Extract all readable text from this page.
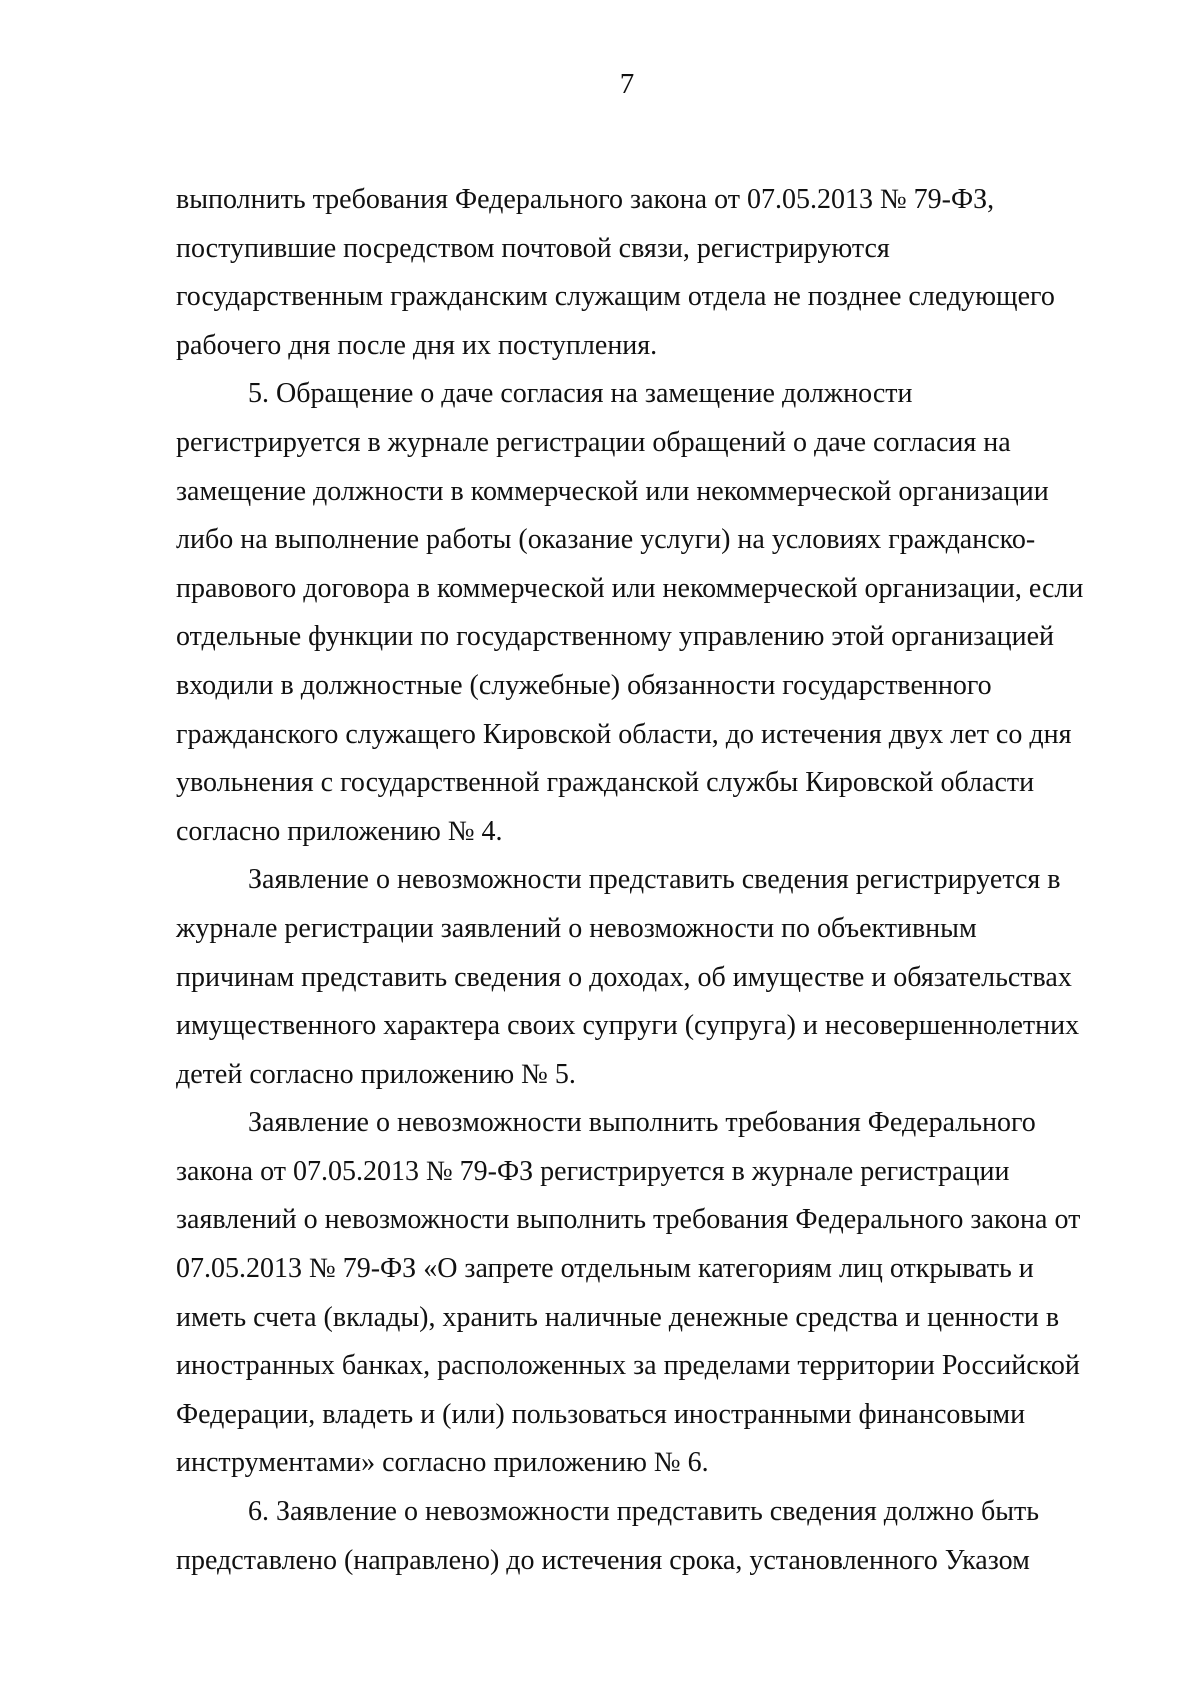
7
выполнить требования Федерального закона от 07.05.2013 № 79-ФЗ,
поступившие посредством почтовой связи, регистрируются
государственным гражданским служащим отдела не позднее следующего
рабочего дня после дня их поступления.
5. Обращение о даче согласия на замещение должности
регистрируется в журнале регистрации обращений о даче согласия на
замещение должности в коммерческой или некоммерческой организации
либо на выполнение работы (оказание услуги) на условиях гражданско-
правового договора в коммерческой или некоммерческой организации, если
отдельные функции по государственному управлению этой организацией
входили в должностные (служебные) обязанности государственного
гражданского служащего Кировской области, до истечения двух лет со дня
увольнения с государственной гражданской службы Кировской области
согласно приложению № 4.
Заявление о невозможности представить сведения регистрируется в
журнале регистрации заявлений о невозможности по объективным
причинам представить сведения о доходах, об имуществе и обязательствах
имущественного характера своих супруги (супруга) и несовершеннолетних
детей согласно приложению № 5.
Заявление о невозможности выполнить требования Федерального
закона от 07.05.2013 № 79-ФЗ регистрируется в журнале регистрации
заявлений о невозможности выполнить требования Федерального закона от
07.05.2013 № 79-ФЗ «О запрете отдельным категориям лиц открывать и
иметь счета (вклады), хранить наличные денежные средства и ценности в
иностранных банках, расположенных за пределами территории Российской
Федерации, владеть и (или) пользоваться иностранными финансовыми
инструментами» согласно приложению № 6.
6. Заявление о невозможности представить сведения должно быть
представлено (направлено) до истечения срока, установленного Указом
